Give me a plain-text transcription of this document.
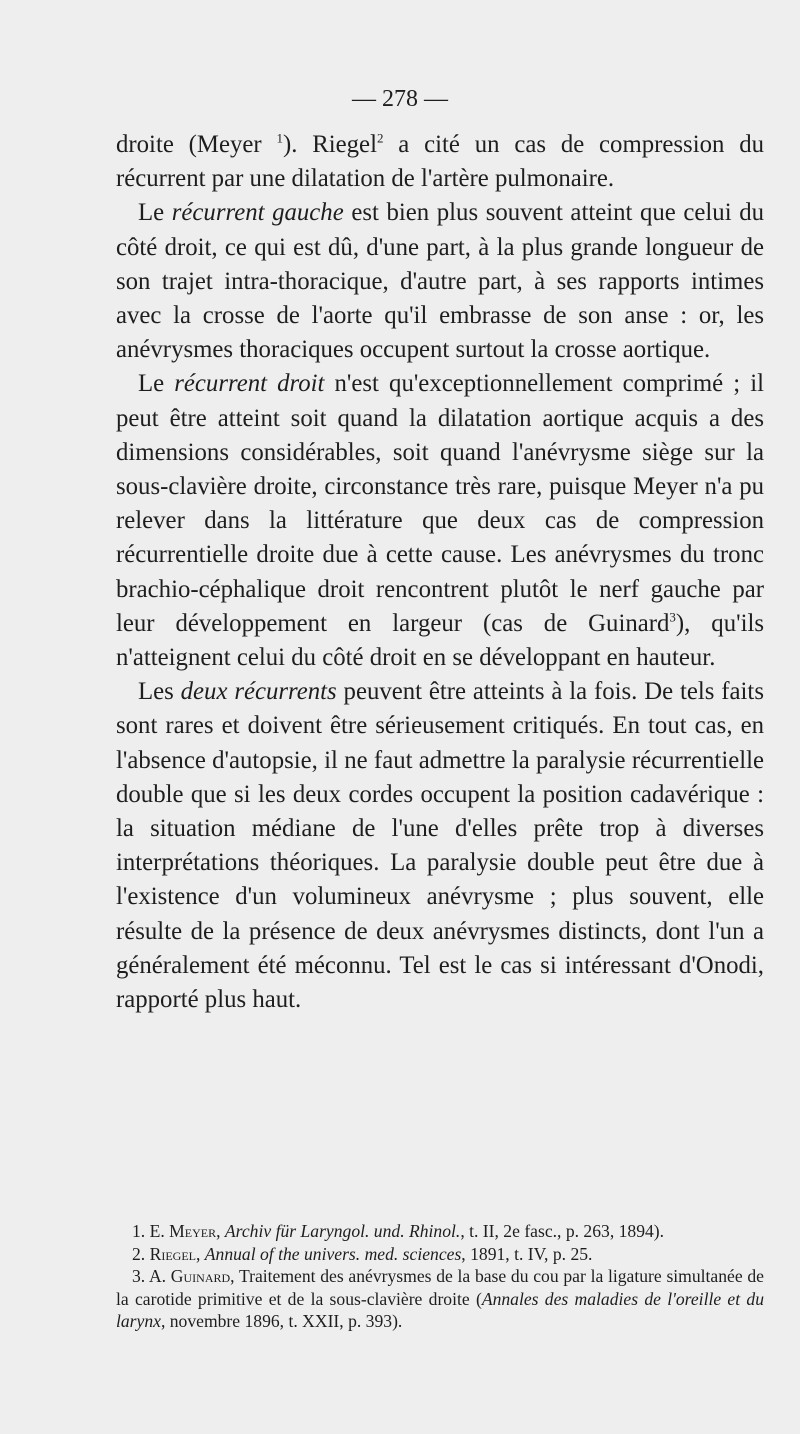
— 278 —

droite (Meyer $^1$). Riegel$^2$ a cité un cas de compression du récurrent par une dilatation de l'artère pulmonaire.

Le récurrent gauche est bien plus souvent atteint que celui du côté droit, ce qui est dû, d'une part, à la plus grande longueur de son trajet intra-thoracique, d'autre part, à ses rapports intimes avec la crosse de l'aorte qu'il embrasse de son anse : or, les anévrysmes thoraciques occupent surtout la crosse aortique.

Le récurrent droit n'est qu'exceptionnellement comprimé ; il peut être atteint soit quand la dilatation aortique acquis a des dimensions considérables, soit quand l'anévrysme siège sur la sous-clavière droite, circonstance très rare, puisque Meyer n'a pu relever dans la littérature que deux cas de compression récurrentielle droite due à cette cause. Les anévrysmes du tronc brachio-céphalique droit rencontrent plutôt le nerf gauche par leur développement en largeur (cas de Guinard$^3$), qu'ils n'atteignent celui du côté droit en se développant en hauteur.

Les deux récurrents peuvent être atteints à la fois. De tels faits sont rares et doivent être sérieusement critiqués. En tout cas, en l'absence d'autopsie, il ne faut admettre la paralysie récurrentielle double que si les deux cordes occupent la position cadavérique : la situation médiane de l'une d'elles prête trop à diverses interprétations théoriques. La paralysie double peut être due à l'existence d'un volumineux anévrysme ; plus souvent, elle résulte de la présence de deux anévrysmes distincts, dont l'un a généralement été méconnu. Tel est le cas si intéressant d'Onodi, rapporté plus haut.

1. E. Meyer, Archiv für Laryngol. und. Rhinol., t. II, 2e fasc., p. 263, 1894).

2. Riegel, Annual of the univers. med. sciences, 1891, t. IV, p. 25.

3. A. Guinard, Traitement des anévrysmes de la base du cou par la ligature simultanée de la carotide primitive et de la sous-clavière droite (Annales des maladies de l'oreille et du larynx, novembre 1896, t. XXII, p. 393).
